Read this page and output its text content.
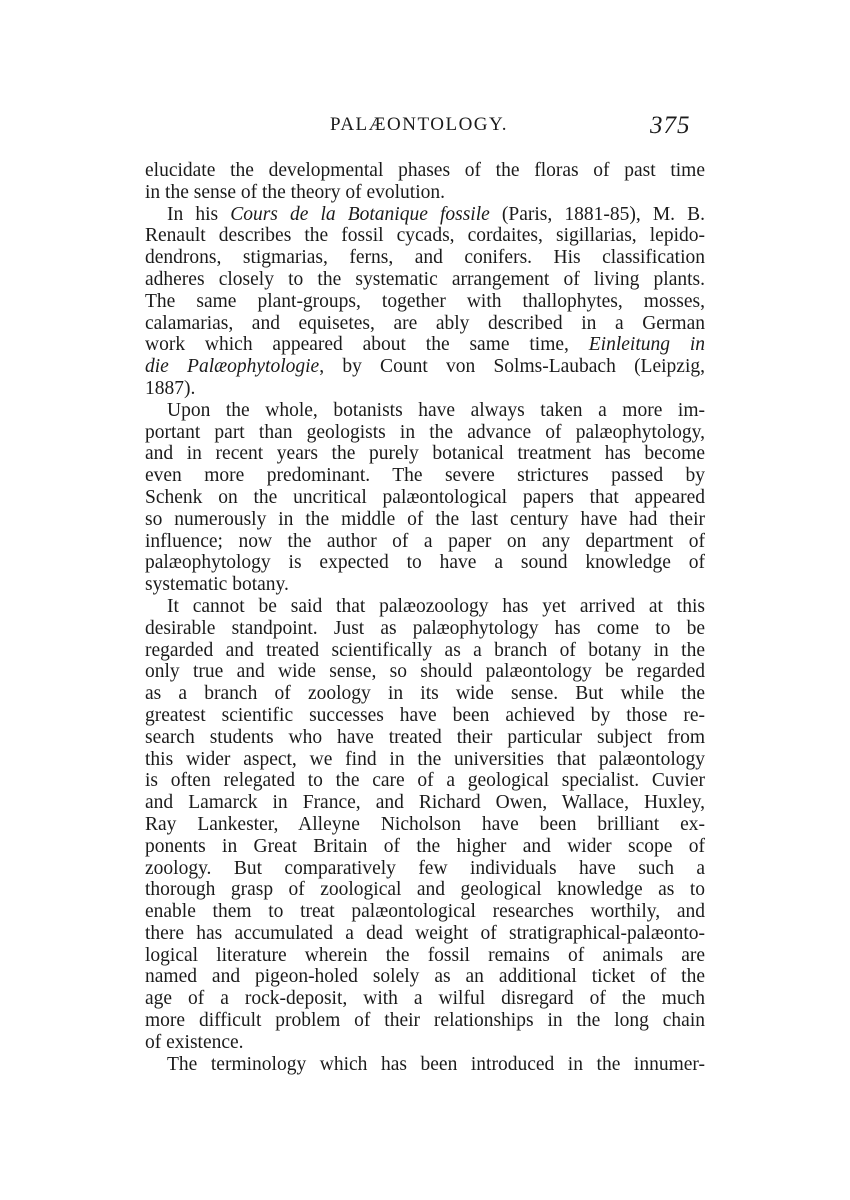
PALÆONTOLOGY.	375
elucidate the developmental phases of the floras of past time
in the sense of the theory of evolution.
In his Cours de la Botanique fossile (Paris, 1881-85), M. B.
Renault describes the fossil cycads, cordaites, sigillarias, lepido-
dendrons, stigmarias, ferns, and conifers. His classification
adheres closely to the systematic arrangement of living plants.
The same plant-groups, together with thallophytes, mosses,
calamarias, and equisetes, are ably described in a German
work which appeared about the same time, Einleitung in
die Palæophytologie, by Count von Solms-Laubach (Leipzig,
1887).
Upon the whole, botanists have always taken a more im-
portant part than geologists in the advance of palæophytology,
and in recent years the purely botanical treatment has become
even more predominant. The severe strictures passed by
Schenk on the uncritical palæontological papers that appeared
so numerously in the middle of the last century have had their
influence; now the author of a paper on any department of
palæophytology is expected to have a sound knowledge of
systematic botany.
It cannot be said that palæozoology has yet arrived at this
desirable standpoint. Just as palæophytology has come to be
regarded and treated scientifically as a branch of botany in the
only true and wide sense, so should palæontology be regarded
as a branch of zoology in its wide sense. But while the
greatest scientific successes have been achieved by those re-
search students who have treated their particular subject from
this wider aspect, we find in the universities that palæontology
is often relegated to the care of a geological specialist. Cuvier
and Lamarck in France, and Richard Owen, Wallace, Huxley,
Ray Lankester, Alleyne Nicholson have been brilliant ex-
ponents in Great Britain of the higher and wider scope of
zoology. But comparatively few individuals have such a
thorough grasp of zoological and geological knowledge as to
enable them to treat palæontological researches worthily, and
there has accumulated a dead weight of stratigraphical-palæonto-
logical literature wherein the fossil remains of animals are
named and pigeon-holed solely as an additional ticket of the
age of a rock-deposit, with a wilful disregard of the much
more difficult problem of their relationships in the long chain
of existence.
The terminology which has been introduced in the innumer-
